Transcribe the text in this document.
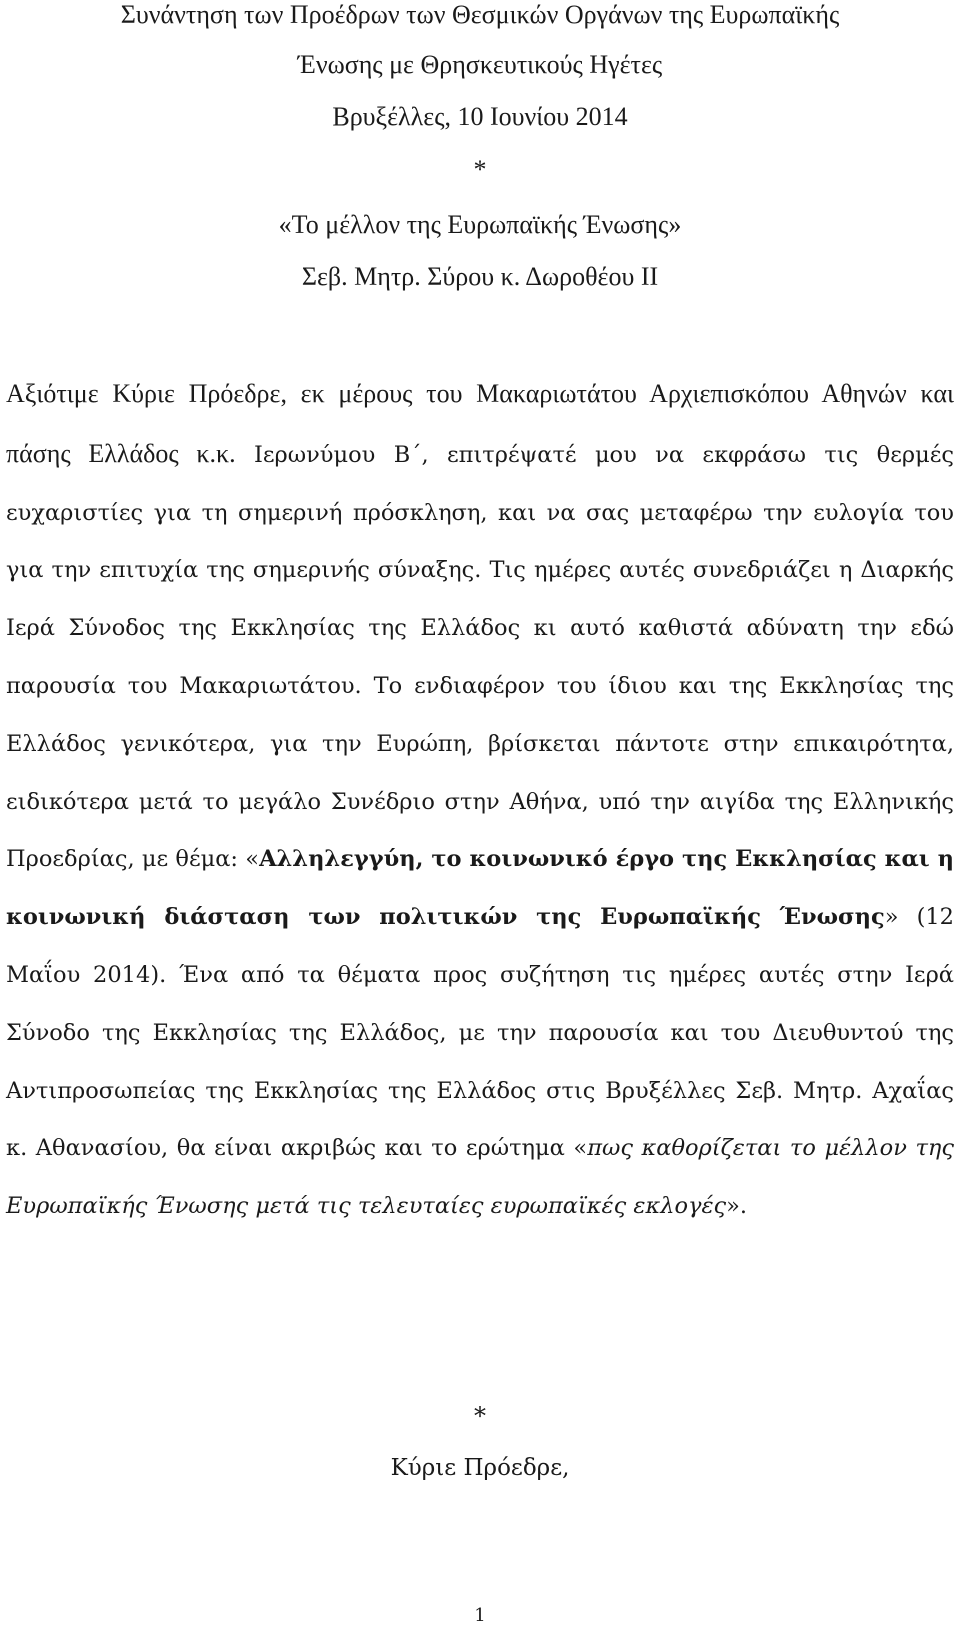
Συνάντηση των Προέδρων των Θεσμικών Οργάνων της Ευρωπαϊκής
Ένωσης με Θρησκευτικούς Ηγέτες
Βρυξέλλες, 10 Ιουνίου 2014
*
«Το μέλλον της Ευρωπαϊκής Ένωσης»
Σεβ. Μητρ. Σύρου κ. Δωροθέου ΙΙ

Αξιότιμε Κύριε Πρόεδρε, εκ μέρους του Μακαριωτάτου Αρχιεπισκόπου Αθηνών και πάσης Ελλάδος κ.κ. Ιερωνύμου Β΄, επιτρέψατέ μου να εκφράσω τις θερμές ευχαριστίες για τη σημερινή πρόσκληση, και να σας μεταφέρω την ευλογία του για την επιτυχία της σημερινής σύναξης. Τις ημέρες αυτές συνεδριάζει η Διαρκής Ιερά Σύνοδος της Εκκλησίας της Ελλάδος κι αυτό καθιστά αδύνατη την εδώ παρουσία του Μακαριωτάτου. Το ενδιαφέρον του ίδιου και της Εκκλησίας της Ελλάδος γενικότερα, για την Ευρώπη, βρίσκεται πάντοτε στην επικαιρότητα, ειδικότερα μετά το μεγάλο Συνέδριο στην Αθήνα, υπό την αιγίδα της Ελληνικής Προεδρίας, με θέμα: «Αλληλεγγύη, το κοινωνικό έργο της Εκκλησίας και η κοινωνική διάσταση των πολιτικών της Ευρωπαϊκής Ένωσης» (12 Μαΐου 2014). Ένα από τα θέματα προς συζήτηση τις ημέρες αυτές στην Ιερά Σύνοδο της Εκκλησίας της Ελλάδος, με την παρουσία και του Διευθυντού της Αντιπροσωπείας της Εκκλησίας της Ελλάδος στις Βρυξέλλες Σεβ. Μητρ. Αχαΐας κ. Αθανασίου, θα είναι ακριβώς και το ερώτημα «πως καθορίζεται το μέλλον της Ευρωπαϊκής Ένωσης μετά τις τελευταίες ευρωπαϊκές εκλογές».

*
Κύριε Πρόεδρε,
1
